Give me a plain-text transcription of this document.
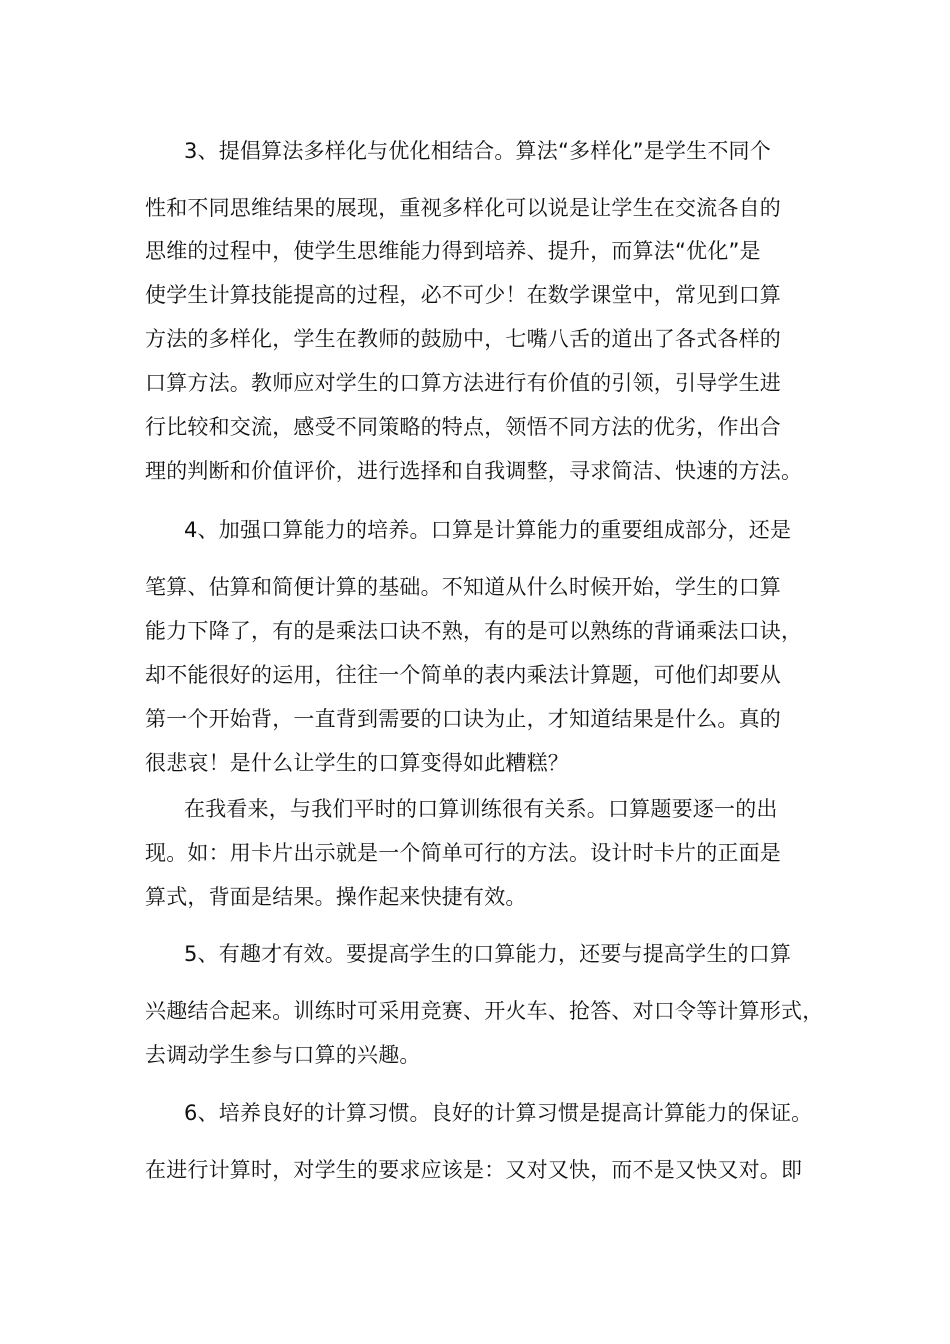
3、提倡算法多样化与优化相结合。算法“多样化”是学生不同个
性和不同思维结果的展现，重视多样化可以说是让学生在交流各自的
思维的过程中，使学生思维能力得到培养、提升，而算法“优化”是
使学生计算技能提高的过程，必不可少！在数学课堂中，常见到口算
方法的多样化，学生在教师的鼓励中，七嘴八舌的道出了各式各样的
口算方法。教师应对学生的口算方法进行有价值的引领，引导学生进
行比较和交流，感受不同策略的特点，领悟不同方法的优劣，作出合
理的判断和价值评价，进行选择和自我调整，寻求简洁、快速的方法。
4、加强口算能力的培养。口算是计算能力的重要组成部分，还是
笔算、估算和简便计算的基础。不知道从什么时候开始，学生的口算
能力下降了，有的是乘法口诀不熟，有的是可以熟练的背诵乘法口诀，
却不能很好的运用，往往一个简单的表内乘法计算题，可他们却要从
第一个开始背，一直背到需要的口诀为止，才知道结果是什么。真的
很悲哀！是什么让学生的口算变得如此糟糕？
在我看来，与我们平时的口算训练很有关系。口算题要逐一的出
现。如：用卡片出示就是一个简单可行的方法。设计时卡片的正面是
算式，背面是结果。操作起来快捷有效。
5、有趣才有效。要提高学生的口算能力，还要与提高学生的口算
兴趣结合起来。训练时可采用竞赛、开火车、抢答、对口令等计算形式，
去调动学生参与口算的兴趣。
6、培养良好的计算习惯。良好的计算习惯是提高计算能力的保证。
在进行计算时，对学生的要求应该是：又对又快，而不是又快又对。即
